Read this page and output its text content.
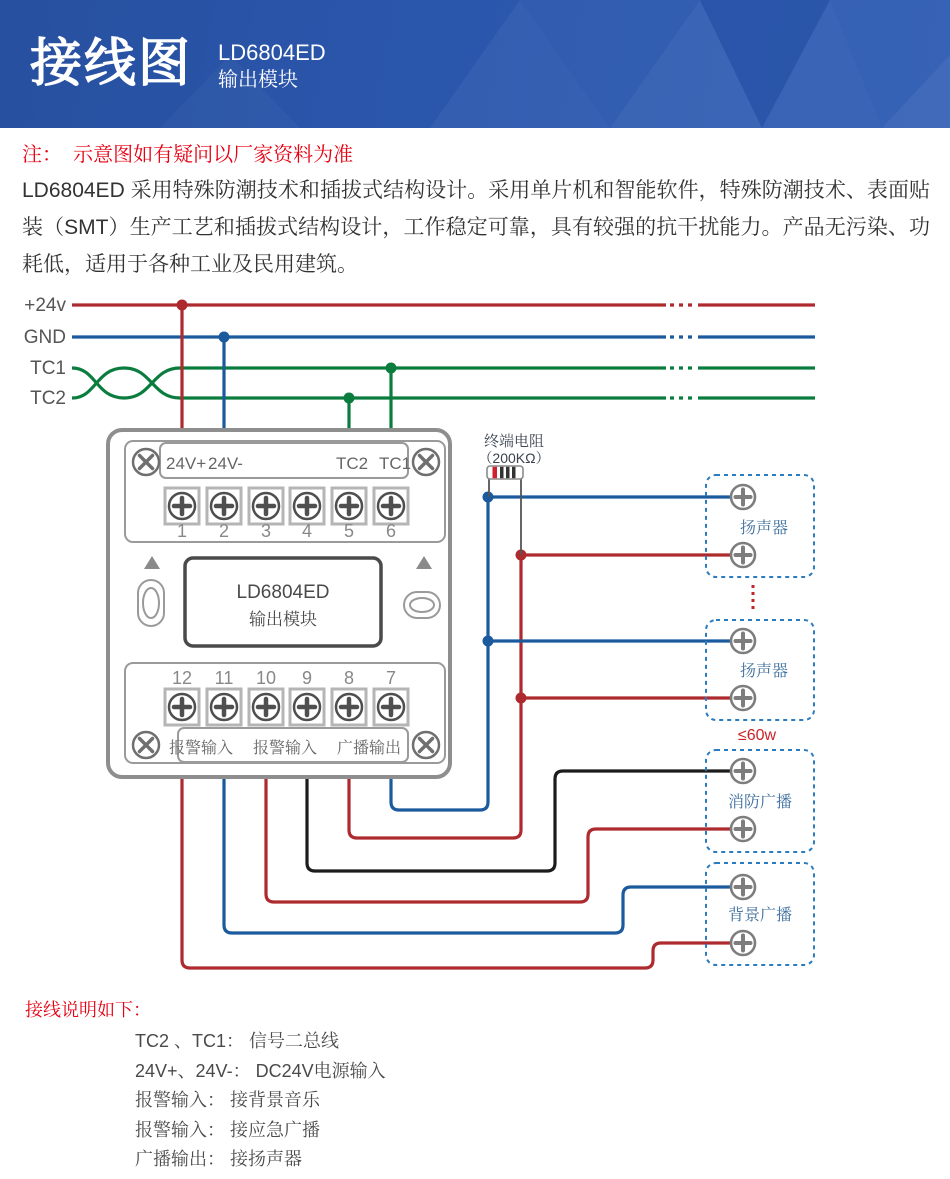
接线图 LD6804ED
输出模块
注：  示意图如有疑问以厂家资料为准
LD6804ED 采用特殊防潮技术和插拔式结构设计。采用单片机和智能软件，特殊防潮技术、表面贴装（SMT）生产工艺和插拔式结构设计，工作稳定可靠，具有较强的抗干扰能力。产品无污染、功耗低，适用于各种工业及民用建筑。
+24v
GND
TC1
TC2
终端电阻
（200KΩ）
24V+ 24V-	TC2 TC1
1 2 3 4 5 6
LD6804ED
输出模块
12 11 10 9 8 7
报警输入 报警输入 广播输出
扬声器
扬声器
≤60w
消防广播
背景广播
接线说明如下：
TC2 、TC1： 信号二总线
24V+、24V-： DC24V电源输入
报警输入： 接背景音乐
报警输入： 接应急广播
广播输出： 接扬声器
